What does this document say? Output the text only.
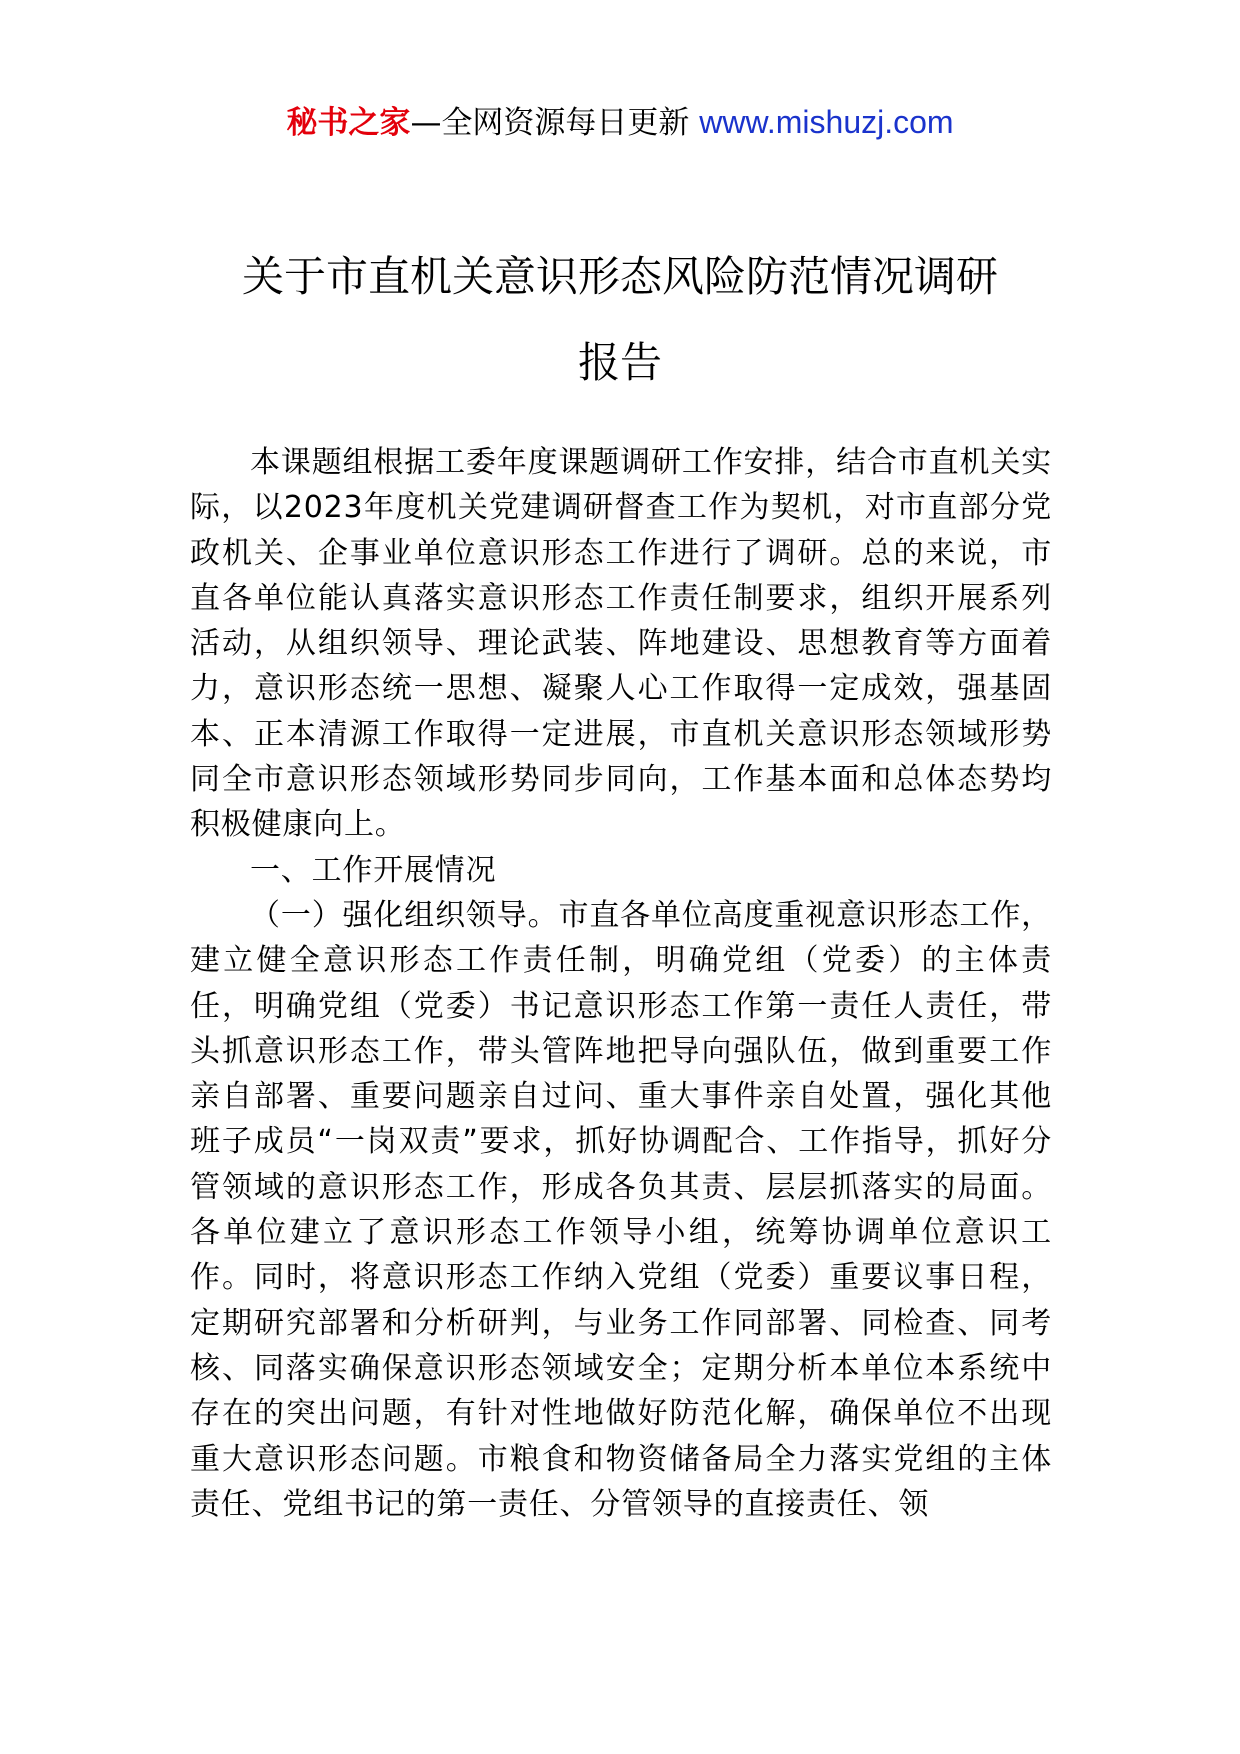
秘书之家—全网资源每日更新 www.mishuzj.com
关于市直机关意识形态风险防范情况调研
报告

本课题组根据工委年度课题调研工作安排，结合市直机关实际，以2023年度机关党建调研督查工作为契机，对市直部分党政机关、企事业单位意识形态工作进行了调研。总的来说，市直各单位能认真落实意识形态工作责任制要求，组织开展系列活动，从组织领导、理论武装、阵地建设、思想教育等方面着力，意识形态统一思想、凝聚人心工作取得一定成效，强基固本、正本清源工作取得一定进展，市直机关意识形态领域形势同全市意识形态领域形势同步同向，工作基本面和总体态势均积极健康向上。

一、工作开展情况

（一）强化组织领导。市直各单位高度重视意识形态工作，建立健全意识形态工作责任制，明确党组（党委）的主体责任，明确党组（党委）书记意识形态工作第一责任人责任，带头抓意识形态工作，带头管阵地把导向强队伍，做到重要工作亲自部署、重要问题亲自过问、重大事件亲自处置，强化其他班子成员“一岗双责”要求，抓好协调配合、工作指导，抓好分管领域的意识形态工作，形成各负其责、层层抓落实的局面。各单位建立了意识形态工作领导小组，统筹协调单位意识工作。同时，将意识形态工作纳入党组（党委）重要议事日程，定期研究部署和分析研判，与业务工作同部署、同检查、同考核、同落实确保意识形态领域安全；定期分析本单位本系统中存在的突出问题，有针对性地做好防范化解，确保单位不出现重大意识形态问题。市粮食和物资储备局全力落实党组的主体责任、党组书记的第一责任、分管领导的直接责任、领
